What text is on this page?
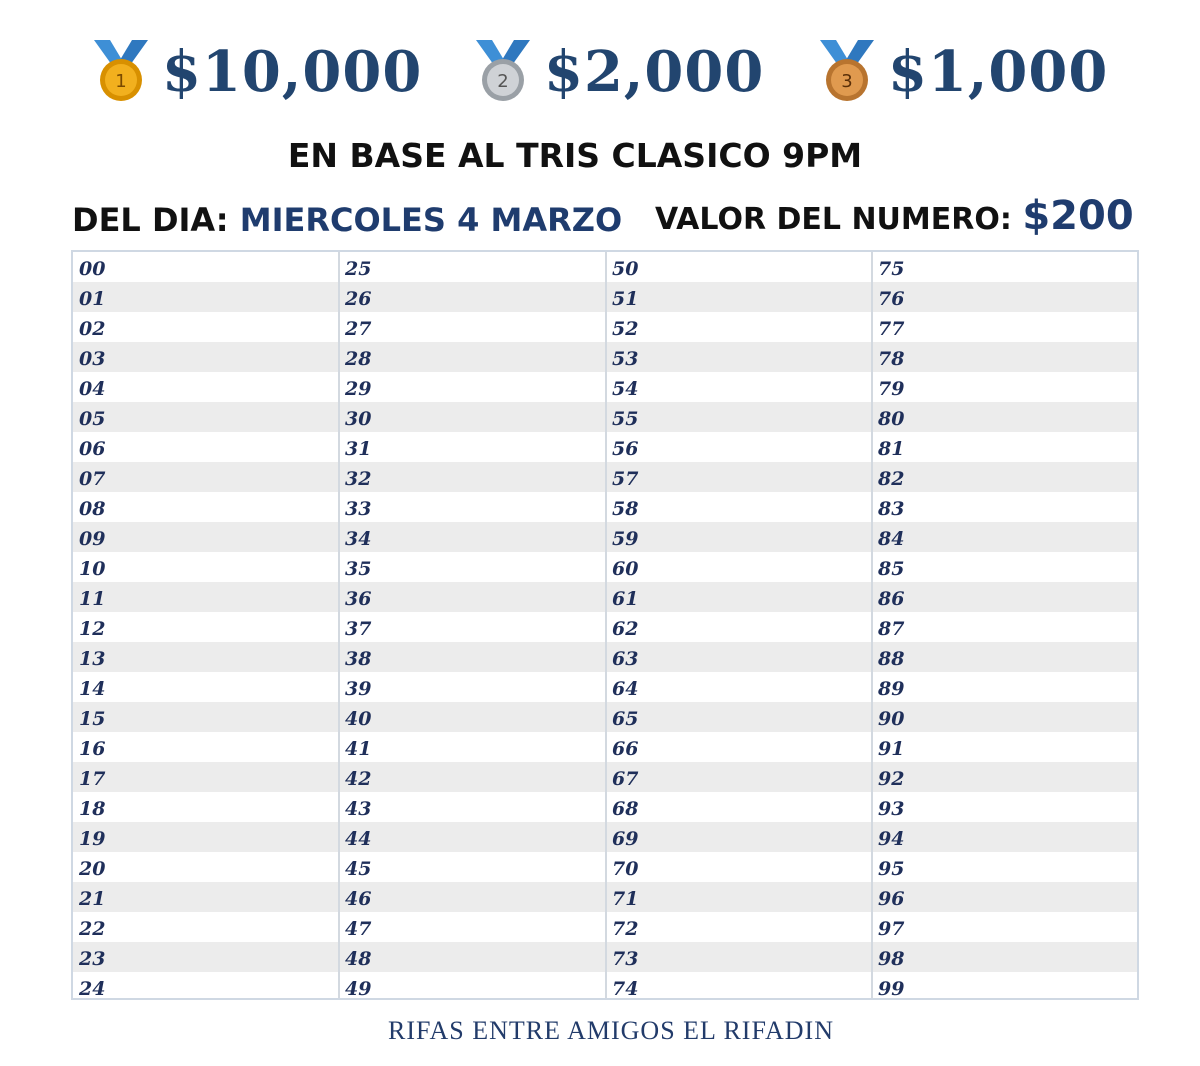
1 $10,000	2 $2,000	3 $1,000
EN BASE AL TRIS CLASICO 9PM
DEL DIA: MIERCOLES 4 MARZO VALOR DEL NUMERO: $200
00	25	50	75
01	26	51	76
02	27	52	77
03	28	53	78
04	29	54	79
05	30	55	80
06	31	56	81
07	32	57	82
08	33	58	83
09	34	59	84
10	35	60	85
11	36	61	86
12	37	62	87
13	38	63	88
14	39	64	89
15	40	65	90
16	41	66	91
17	42	67	92
18	43	68	93
19	44	69	94
20	45	70	95
21	46	71	96
22	47	72	97
23	48	73	98
24	49	74	99
RIFAS ENTRE AMIGOS EL RIFADIN
